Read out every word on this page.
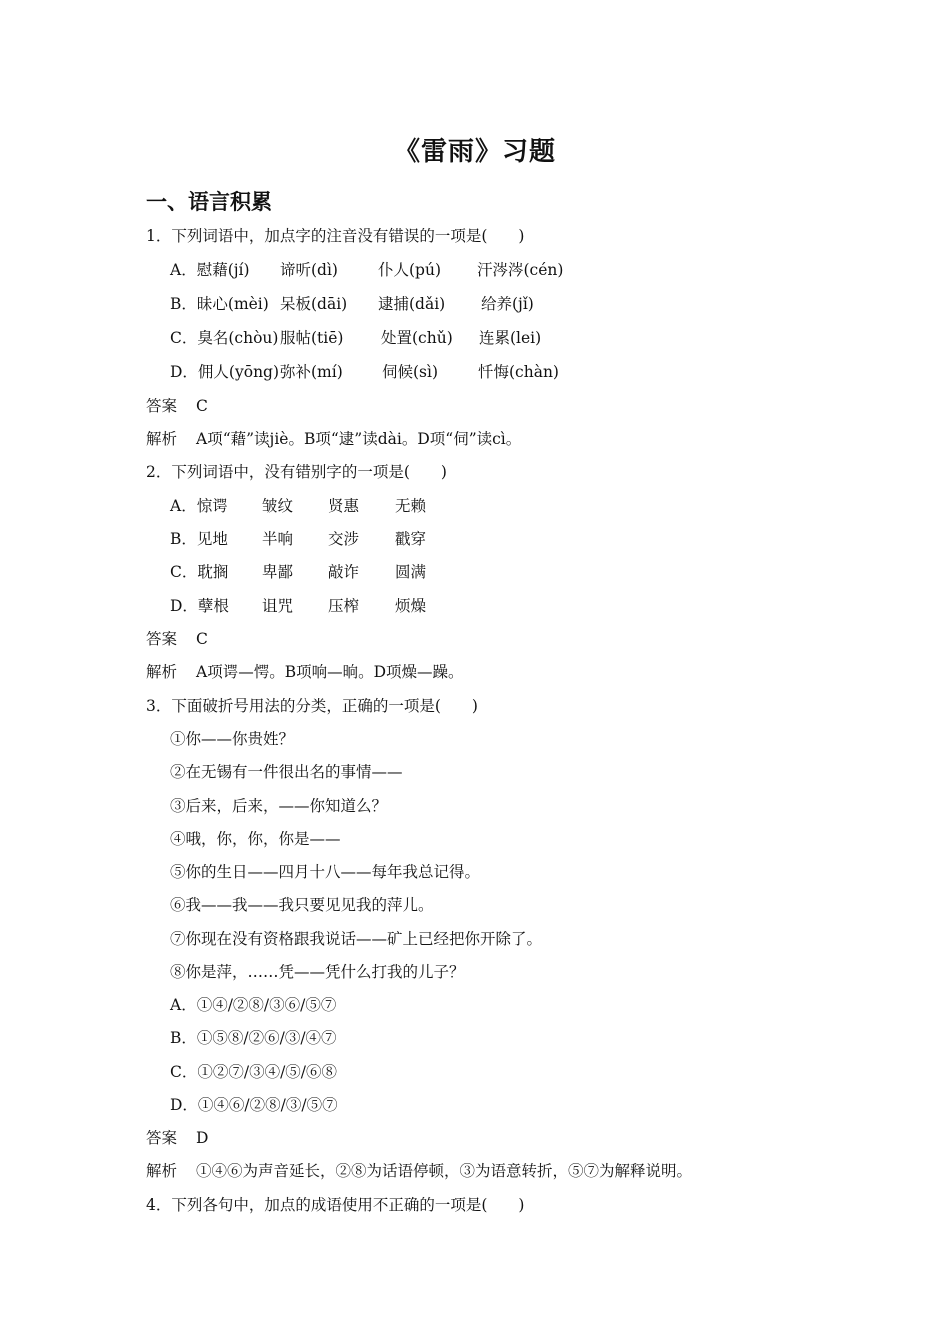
《雷雨》习题
一、语言积累
1．下列词语中，加点字的注音没有错误的一项是(　　)
A．慰藉(jí) 谛听(dì)	仆人(pú) 汗涔涔(cén)
B．昧心(mèi) 呆板(dāi) 逮捕(dǎi) 给养(jǐ)
C．臭名(chòu) 服帖(tiē) 处置(chǔ) 连累(lei)
D．佣人(yōng)弥补(mí)	伺候(sì)	忏悔(chàn)
答案 C
解析 A项“藉”读jiè。B项“逮”读dài。D项“伺”读cì。
2．下列词语中，没有错别字的一项是(　　)
A．惊谔 皱纹 贤惠 无赖
B．见地 半响 交涉 戳穿
C．耽搁 卑鄙 敲诈 圆满
D．孽根 诅咒 压榨 烦燥
答案 C
解析 A项谔—愕。B项响—晌。D项燥—躁。
3．下面破折号用法的分类，正确的一项是(　　)
①你——你贵姓？
②在无锡有一件很出名的事情——
③后来，后来，——你知道么？
④哦，你，你，你是——
⑤你的生日——四月十八——每年我总记得。
⑥我——我——我只要见见我的萍儿。
⑦你现在没有资格跟我说话——矿上已经把你开除了。
⑧你是萍，……凭——凭什么打我的儿子？
A．①④/②⑧/③⑥/⑤⑦
B．①⑤⑧/②⑥/③/④⑦
C．①②⑦/③④/⑤/⑥⑧
D．①④⑥/②⑧/③/⑤⑦
答案 D
解析 ①④⑥为声音延长，②⑧为话语停顿，③为语意转折，⑤⑦为解释说明。
4．下列各句中，加点的成语使用不正确的一项是(　　)
